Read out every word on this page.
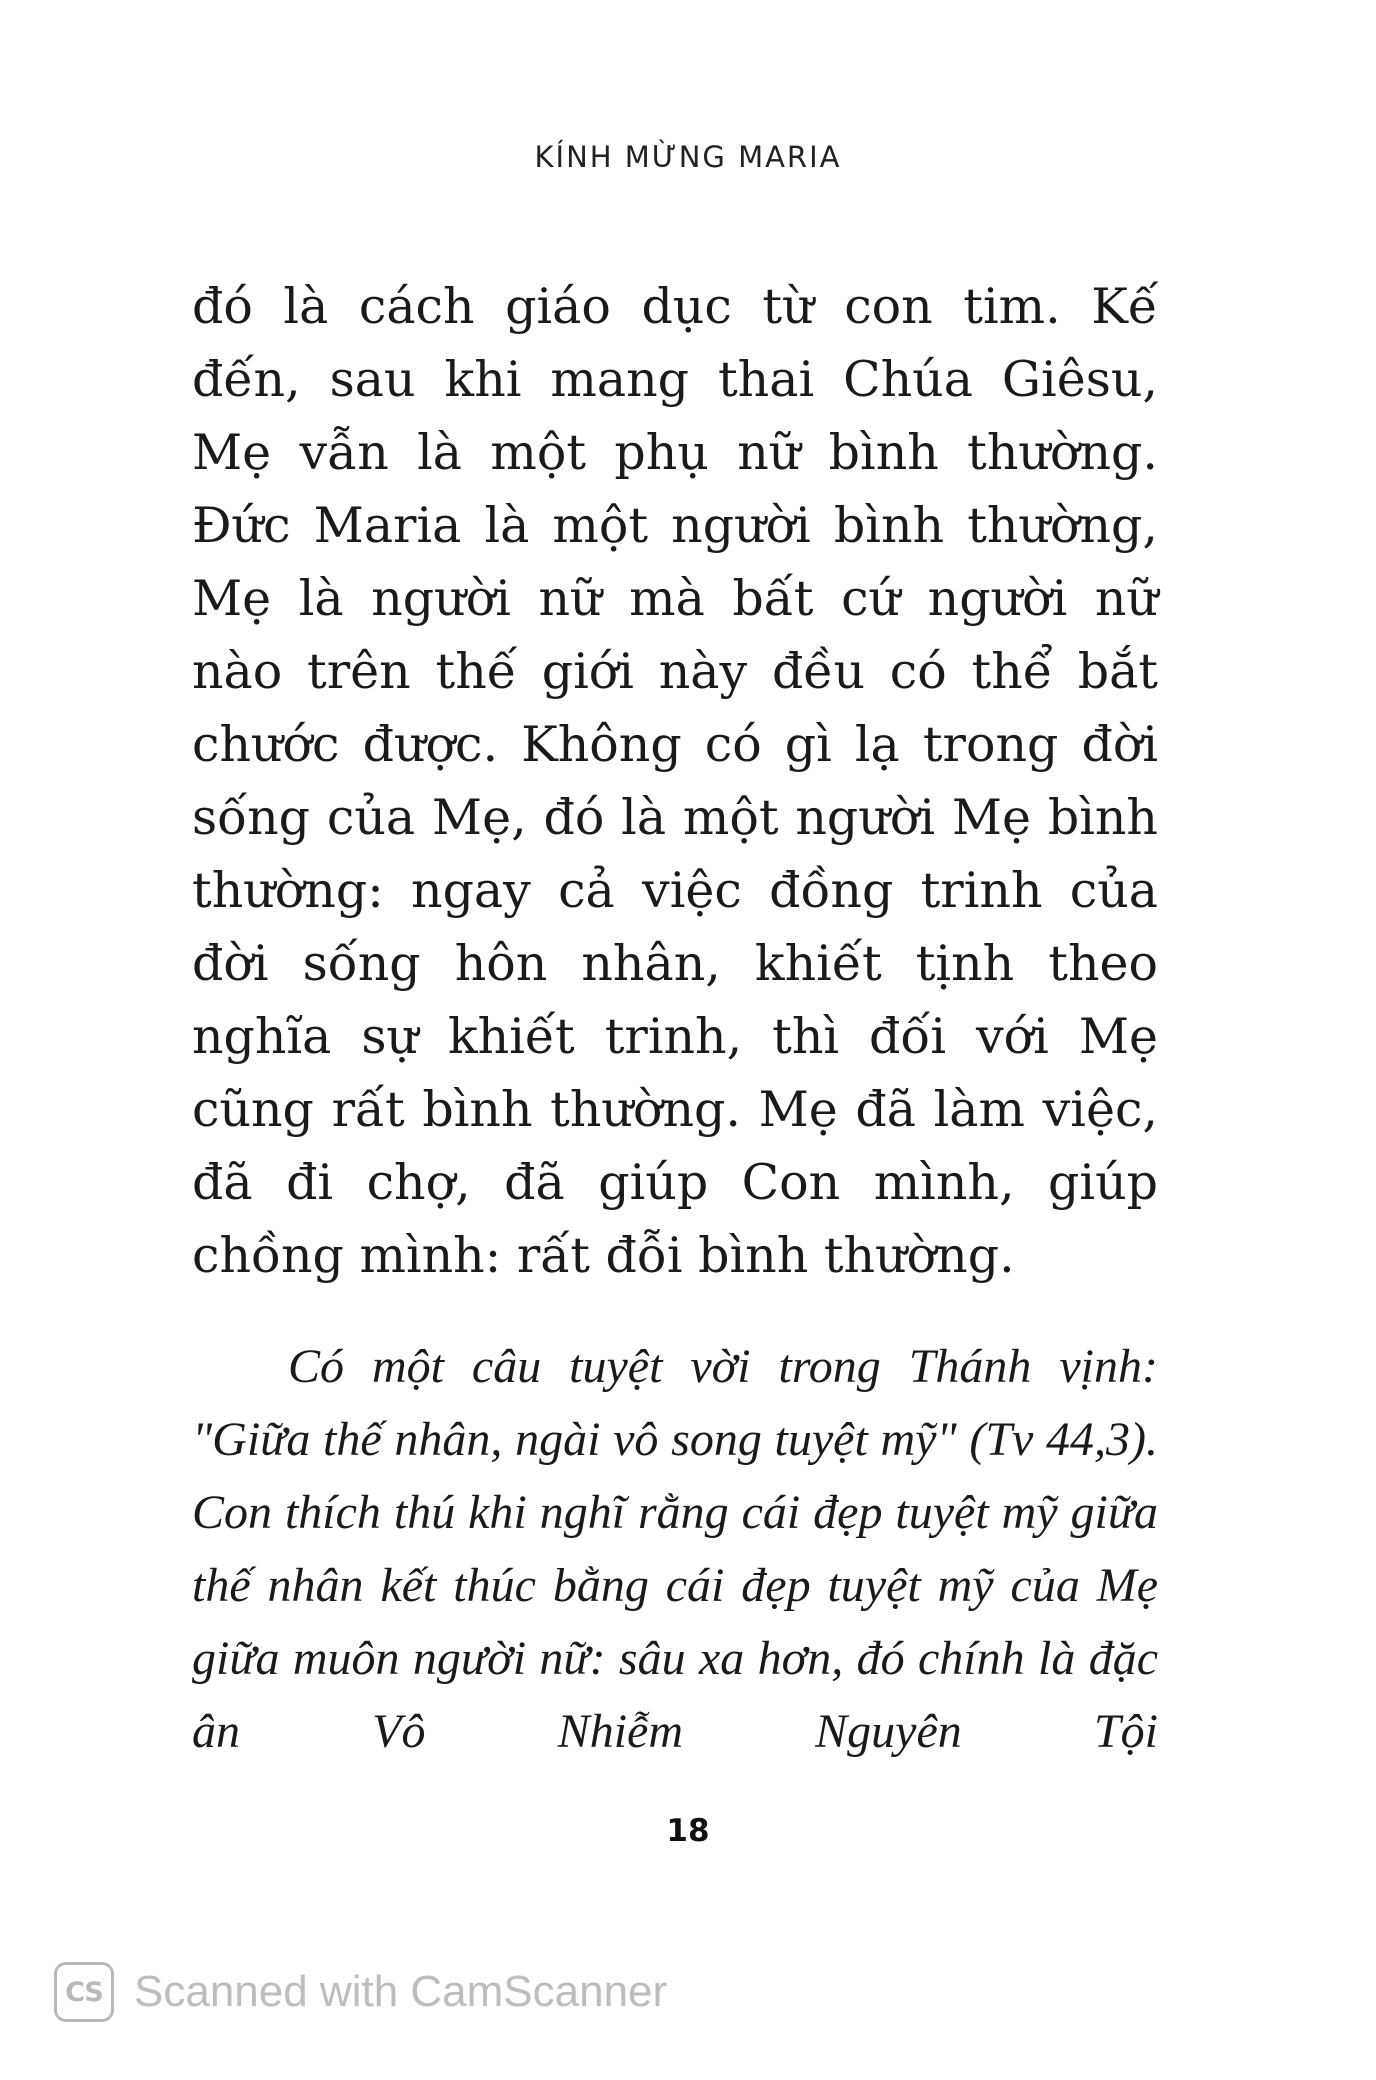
KÍNH MỪNG MARIA
đó là cách giáo dục từ con tim. Kế đến, sau khi mang thai Chúa Giêsu, Mẹ vẫn là một phụ nữ bình thường. Đức Maria là một người bình thường, Mẹ là người nữ mà bất cứ người nữ nào trên thế giới này đều có thể bắt chước được. Không có gì lạ trong đời sống của Mẹ, đó là một người Mẹ bình thường: ngay cả việc đồng trinh của đời sống hôn nhân, khiết tịnh theo nghĩa sự khiết trinh, thì đối với Mẹ cũng rất bình thường. Mẹ đã làm việc, đã đi chợ, đã giúp Con mình, giúp chồng mình: rất đỗi bình thường.
Có một câu tuyệt vời trong Thánh vịnh: "Giữa thế nhân, ngài vô song tuyệt mỹ" (Tv 44,3). Con thích thú khi nghĩ rằng cái đẹp tuyệt mỹ giữa thế nhân kết thúc bằng cái đẹp tuyệt mỹ của Mẹ giữa muôn người nữ: sâu xa hơn, đó chính là đặc ân Vô Nhiễm Nguyên Tội
18
CS Scanned with CamScanner
